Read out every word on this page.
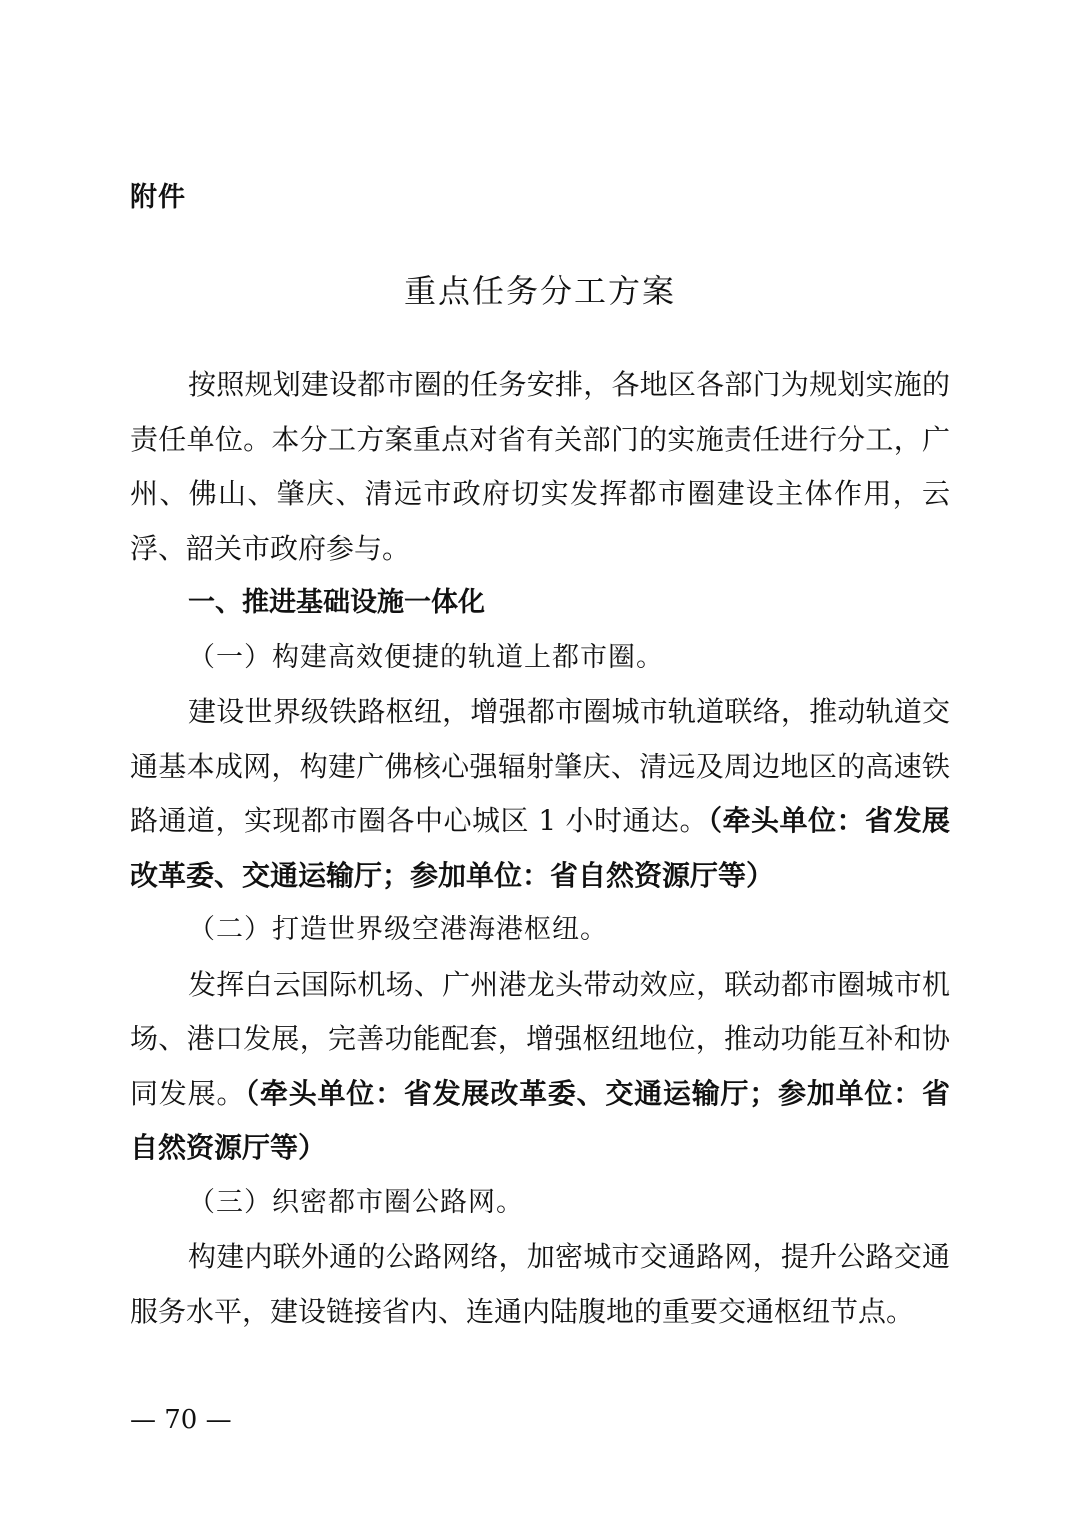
附件
重点任务分工方案

按照规划建设都市圈的任务安排，各地区各部门为规划实施的责任单位。本分工方案重点对省有关部门的实施责任进行分工，广州、佛山、肇庆、清远市政府切实发挥都市圈建设主体作用，云浮、韶关市政府参与。

一、推进基础设施一体化

（一）构建高效便捷的轨道上都市圈。

建设世界级铁路枢纽，增强都市圈城市轨道联络，推动轨道交通基本成网，构建广佛核心强辐射肇庆、清远及周边地区的高速铁路通道，实现都市圈各中心城区 1 小时通达。（牵头单位：省发展改革委、交通运输厅；参加单位：省自然资源厅等）

（二）打造世界级空港海港枢纽。

发挥白云国际机场、广州港龙头带动效应，联动都市圈城市机场、港口发展，完善功能配套，增强枢纽地位，推动功能互补和协同发展。（牵头单位：省发展改革委、交通运输厅；参加单位：省自然资源厅等）

（三）织密都市圈公路网。

构建内联外通的公路网络，加密城市交通路网，提升公路交通服务水平，建设链接省内、连通内陆腹地的重要交通枢纽节点。

— 70 —
